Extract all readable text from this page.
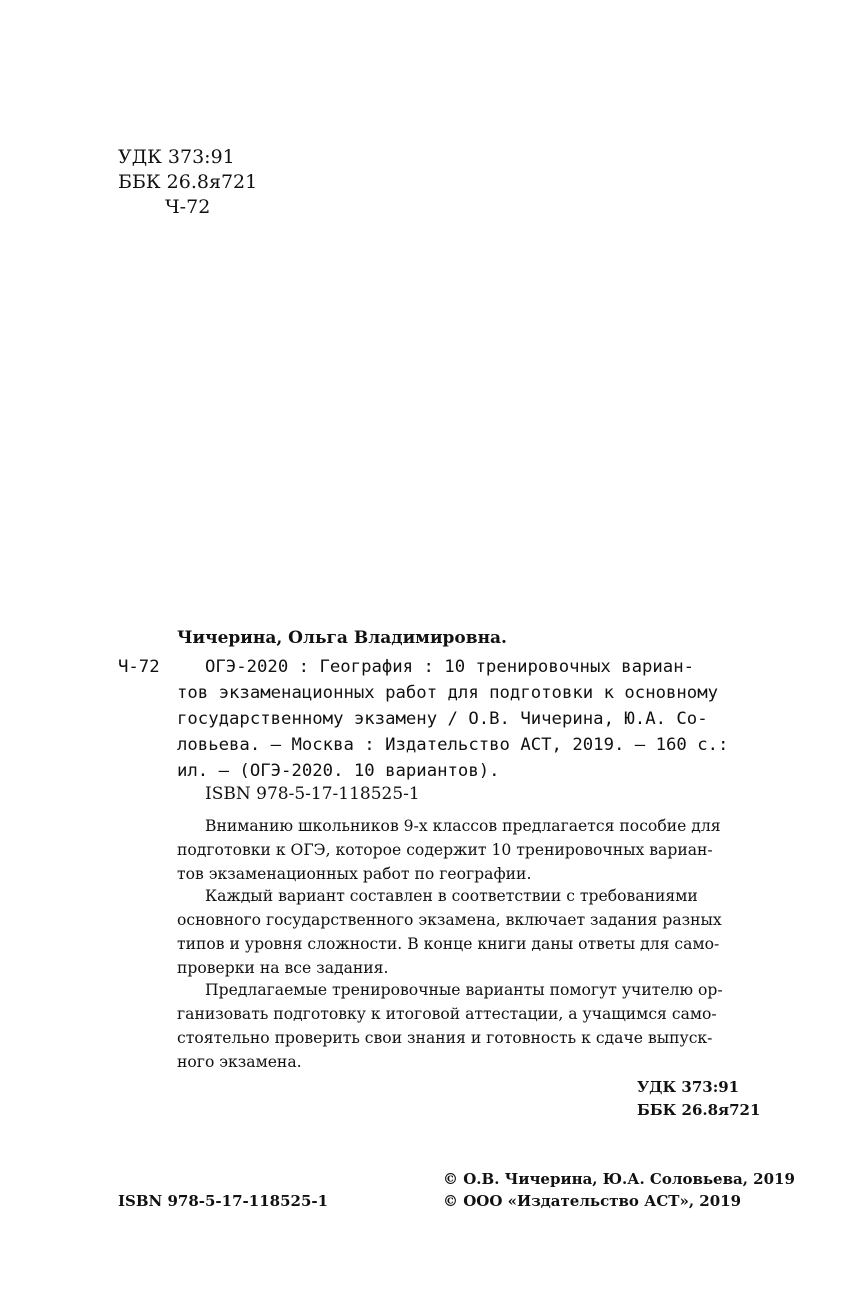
УДК 373:91
ББК 26.8я721
Ч-72
Чичерина, Ольга Владимировна.
Ч-72	ОГЭ-2020 : География : 10 тренировочных вариан-
тов экзаменационных работ для подготовки к основному
государственному экзамену / О.В. Чичерина, Ю.А. Со-
ловьева. — Москва : Издательство АСТ, 2019. — 160 с.:
ил. — (ОГЭ-2020. 10 вариантов).
ISBN 978-5-17-118525-1
Вниманию школьников 9-х классов предлагается пособие для
подготовки к ОГЭ, которое содержит 10 тренировочных вариан-
тов экзаменационных работ по географии.
Каждый вариант составлен в соответствии с требованиями
основного государственного экзамена, включает задания разных
типов и уровня сложности. В конце книги даны ответы для само-
проверки на все задания.
Предлагаемые тренировочные варианты помогут учителю ор-
ганизовать подготовку к итоговой аттестации, а учащимся само-
стоятельно проверить свои знания и готовность к сдаче выпуск-
ного экзамена.
УДК 373:91
ББК 26.8я721
ISBN 978-5-17-118525-1
© О.В. Чичерина, Ю.А. Соловьева, 2019
© ООО «Издательство АСТ», 2019
